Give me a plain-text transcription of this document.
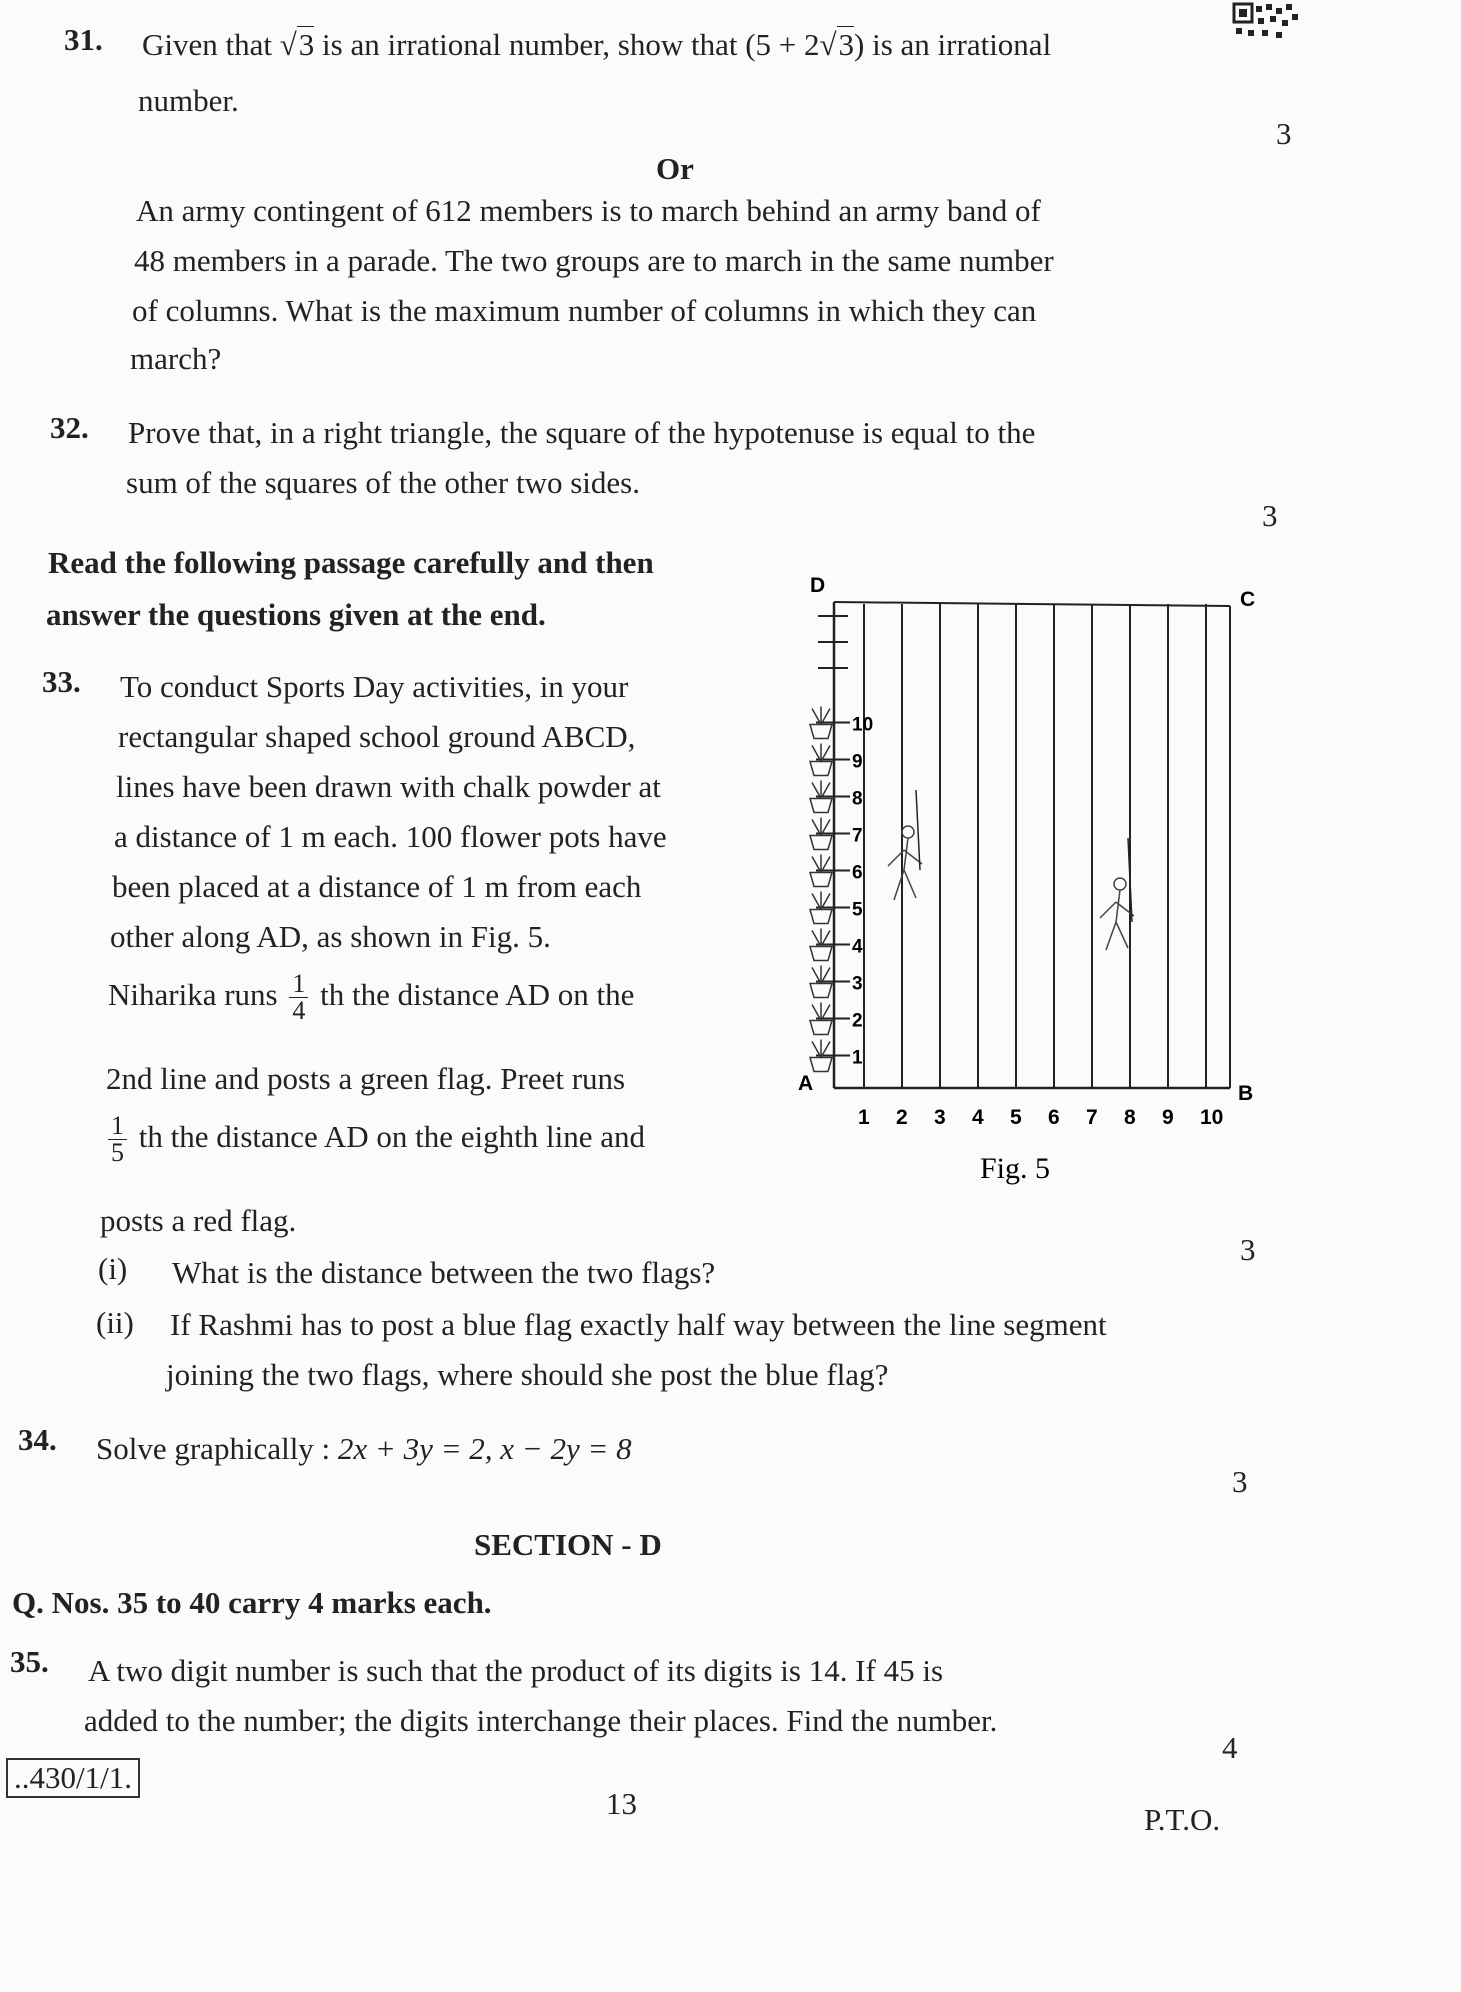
31. Given that √3 is an irrational number, show that (5 + 2√3) is an irrational
number.
3
Or
An army contingent of 612 members is to march behind an army band of
48 members in a parade. The two groups are to march in the same number
of columns. What is the maximum number of columns in which they can
march?
32. Prove that, in a right triangle, the square of the hypotenuse is equal to the
sum of the squares of the other two sides.
3
Read the following passage carefully and then
answer the questions given at the end.
33. To conduct Sports Day activities, in your
rectangular shaped school ground ABCD,
lines have been drawn with chalk powder at
a distance of 1 m each. 100 flower pots have
been placed at a distance of 1 m from each
other along AD, as shown in Fig. 5.
Niharika runs $\frac{1}{4}$ th the distance AD on the
2nd line and posts a green flag. Preet runs
$\frac{1}{5}$ th the distance AD on the eighth line and
posts a red flag.
3
(i) What is the distance between the two flags?
(ii) If Rashmi has to post a blue flag exactly half way between the line segment
joining the two flags, where should she post the blue flag?
D
C
A	B
1 2 3 4 5 6 7 8 9 10
1
2
3
4
5
6
7
8
9
10
Fig. 5
34. Solve graphically : 2x + 3y = 2, x − 2y = 8
3
SECTION - D
Q. Nos. 35 to 40 carry 4 marks each.
35. A two digit number is such that the product of its digits is 14. If 45 is
added to the number; the digits interchange their places. Find the number.
4
..430/1/1.
13	P.T.O.
